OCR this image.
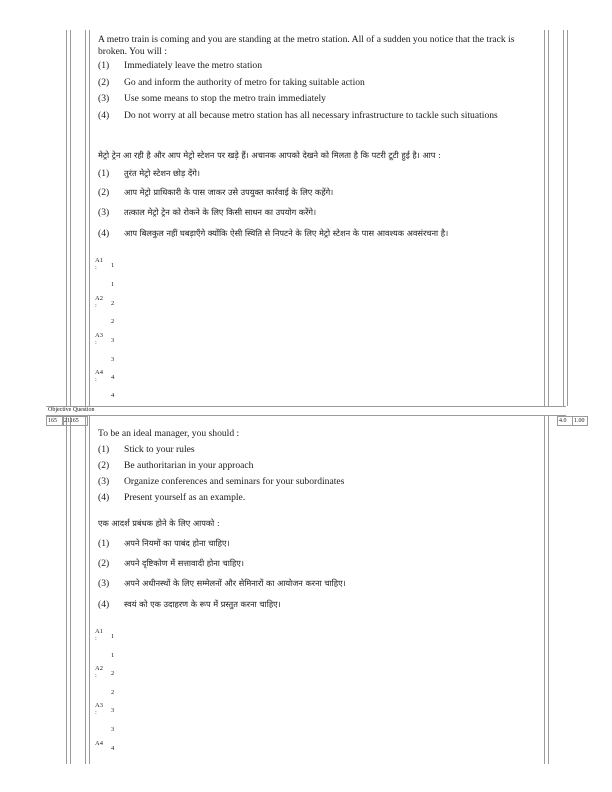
A metro train is coming and you are standing at the metro station. All of a sudden you notice that the track is broken. You will :
(1)	Immediately leave the metro station
(2)	Go and inform the authority of metro for taking suitable action
(3)	Use some means to stop the metro train immediately
(4)	Do not worry at all because metro station has all necessary infrastructure to tackle such situations
मेट्रो ट्रेन आ रही है और आप मेट्रो स्टेशन पर खड़े हैं। अचानक आपको देखने को मिलता है कि पटरी टूटी हुई है। आप :
(1)	तुरंत मेट्रो स्टेशन छोड़ देंगे।
(2)	आप मेट्रो प्राधिकारी के पास जाकर उसे उपयुक्त कार्रवाई के लिए कहेंगे।
(3)	तत्काल मेट्रो ट्रेन को रोकने के लिए किसी साधन का उपयोग करेंगे।
(4)	आप बिलकुल नहीं घबड़ाएँगे क्योंकि ऐसी स्थिति से निपटने के लिए मेट्रो स्टेशन के पास आवश्यक अवसंरचना है।
A1
: 1
1
A2
: 2
2
A3
: 3
3
A4
: 4
4
Objective Question
165	21165	4.0	1.00
To be an ideal manager, you should :
(1)	Stick to your rules
(2)	Be authoritarian in your approach
(3)	Organize conferences and seminars for your subordinates
(4)	Present yourself as an example.
एक आदर्श प्रबंधक होने के लिए आपको :
(1)	अपने नियमों का पाबंद होना चाहिए।
(2)	अपने दृष्टिकोण में सत्तावादी होना चाहिए।
(3)	अपने अधीनस्थों के लिए सम्मेलनों और सेमिनारों का आयोजन करना चाहिए।
(4)	स्वयं को एक उदाहरण के रूप में प्रस्तुत करना चाहिए।
A1
: 1
1
A2
: 2
2
A3
: 3
3
A4
4
